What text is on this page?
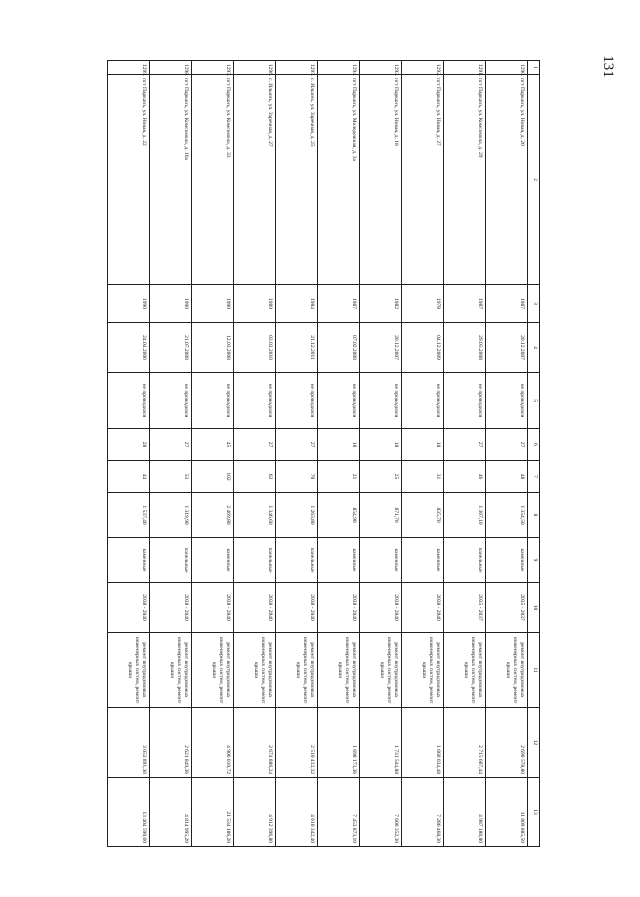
131
1	2	3	4	5	6	7	8	9	10	11	12	13
1290.	пгт Парканъ, ул. Новая, д. 20	1987	20.12.2007	не проводился	27	48	1 354,50	каменные	2035 - 2037	ремонт внутридомовых инженерных систем, ремонт крыши	2 690 578,80	11 809 885,50
1291.	пгт Парканъ, ул. Комсомола, д. 29	1987	29.05.2008	не проводился	27	46	1 367,10	панельные	2035 - 2037	ремонт внутридомовых инженерных систем, ремонт крыши	2 715 607,44	4 987 180,80
1292.	пгт Парканъ, ул. Новая, д. 27	1978	04.12.2009	не проводился	18	31	835,70	каменные	2038 - 2040	ремонт внутридомовых инженерных систем, ремонт крыши	1 660 034,48	7 286 468,30
1293.	пгт Парканъ, ул. Новая, д. 18	1982	20.12.2007	не проводился	18	25	871,70	каменные	2038 - 2040	ремонт внутридомовых инженерных систем, ремонт крыши	1 731 544,88	7 600 352,30
1294.	пгт Парканъ, ул. Молодежная, д. 3а	1987	07.02.2008	не проводился	18	21	854,90	каменные	2038 - 2040	ремонт внутридомовых инженерных систем, ремонт крыши	1 698 173,36	7 453 873,10
1295.	с. Ильинъ, ул. Заречная, д. 25	1984	21.12.2011	не проводился	27	70	1 263,80	панельные	2038 - 2040	ремонт внутридомовых инженерных систем, ремонт крыши	2 510 412,32	4 610 342,40
1296.	с. Ильинъ, ул. Заречная, д. 27	1989	03.03.2010	не проводился	27	62	1 346,60	панельные	2038 - 2040	ремонт внутридомовых инженерных систем, ремонт крыши	2 674 886,24	4 912 396,80
1297.	пгт Парканъ, ул. Комсомола, д. 33	1990	12.03.2008	не проводился	45	102	2 469,80	каменные	2038 - 2040	ремонт внутридомовых инженерных систем, ремонт крыши	4 906 010,72	21 534 186,20
1298.	пгт Парканъ, ул. Комсомола, д. 16а	1990	21.07.2008	не проводился	27	53	1 319,90	панельные	2038 - 2040	ремонт внутридомовых инженерных систем, ремонт крыши	2 621 849,36	4 814 995,20
1299.	пгт Парканъ, ул. Новая, д. 22	1990	24.04.2006	не проводился	28	44	1 537,40	каменные	2038 - 2040	ремонт внутридомовых инженерных систем, ремонт крыши	3 053 891,36	13 404 590,60
